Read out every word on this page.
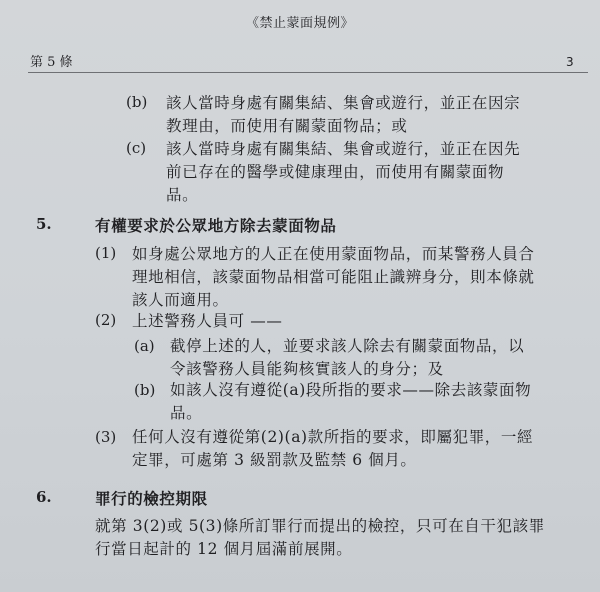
《禁止蒙面規例》
第 5 條	3
(b) 該人當時身處有關集結、集會或遊行，並正在因宗
教理由，而使用有關蒙面物品；或
(c) 該人當時身處有關集結、集會或遊行，並正在因先
前已存在的醫學或健康理由，而使用有關蒙面物
品。
5.	有權要求於公眾地方除去蒙面物品
(1) 如身處公眾地方的人正在使用蒙面物品，而某警務人員合
理地相信，該蒙面物品相當可能阻止識辨身分，則本條就
該人而適用。
(2) 上述警務人員可 ——
(a) 截停上述的人，並要求該人除去有關蒙面物品，以
令該警務人員能夠核實該人的身分；及
(b) 如該人沒有遵從(a)段所指的要求——除去該蒙面物
品。
(3) 任何人沒有遵從第(2)(a)款所指的要求，即屬犯罪，一經
定罪，可處第 3 級罰款及監禁 6 個月。
6.	罪行的檢控期限
就第 3(2)或 5(3)條所訂罪行而提出的檢控，只可在自干犯該罪
行當日起計的 12 個月屆滿前展開。
